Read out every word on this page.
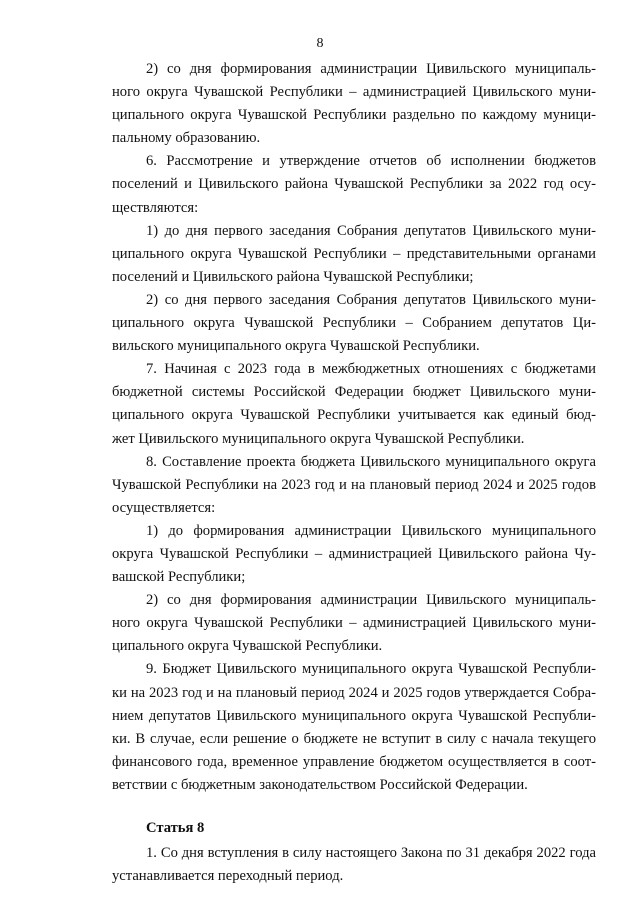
8
2) со дня формирования администрации Цивильского муниципаль-
ного округа Чувашской Республики – администрацией Цивильского муни-
ципального округа Чувашской Республики раздельно по каждому муници-
пальному образованию.
6. Рассмотрение и утверждение отчетов об исполнении бюджетов
поселений и Цивильского района Чувашской Республики за 2022 год осу-
ществляются:
1) до дня первого заседания Собрания депутатов Цивильского муни-
ципального округа Чувашской Республики – представительными органами
поселений и Цивильского района Чувашской Республики;
2) со дня первого заседания Собрания депутатов Цивильского муни-
ципального округа Чувашской Республики – Собранием депутатов Ци-
вильского муниципального округа Чувашской Республики.
7. Начиная с 2023 года в межбюджетных отношениях с бюджетами
бюджетной системы Российской Федерации бюджет Цивильского муни-
ципального округа Чувашской Республики учитывается как единый бюд-
жет Цивильского муниципального округа Чувашской Республики.
8. Составление проекта бюджета Цивильского муниципального округа
Чувашской Республики на 2023 год и на плановый период 2024 и 2025 годов
осуществляется:
1) до формирования администрации Цивильского муниципального
округа Чувашской Республики – администрацией Цивильского района Чу-
вашской Республики;
2) со дня формирования администрации Цивильского муниципаль-
ного округа Чувашской Республики – администрацией Цивильского муни-
ципального округа Чувашской Республики.
9. Бюджет Цивильского муниципального округа Чувашской Республи-
ки на 2023 год и на плановый период 2024 и 2025 годов утверждается Собра-
нием депутатов Цивильского муниципального округа Чувашской Республи-
ки. В случае, если решение о бюджете не вступит в силу с начала текущего
финансового года, временное управление бюджетом осуществляется в соот-
ветствии с бюджетным законодательством Российской Федерации.
Статья 8
1. Со дня вступления в силу настоящего Закона по 31 декабря 2022 года
устанавливается переходный период.
